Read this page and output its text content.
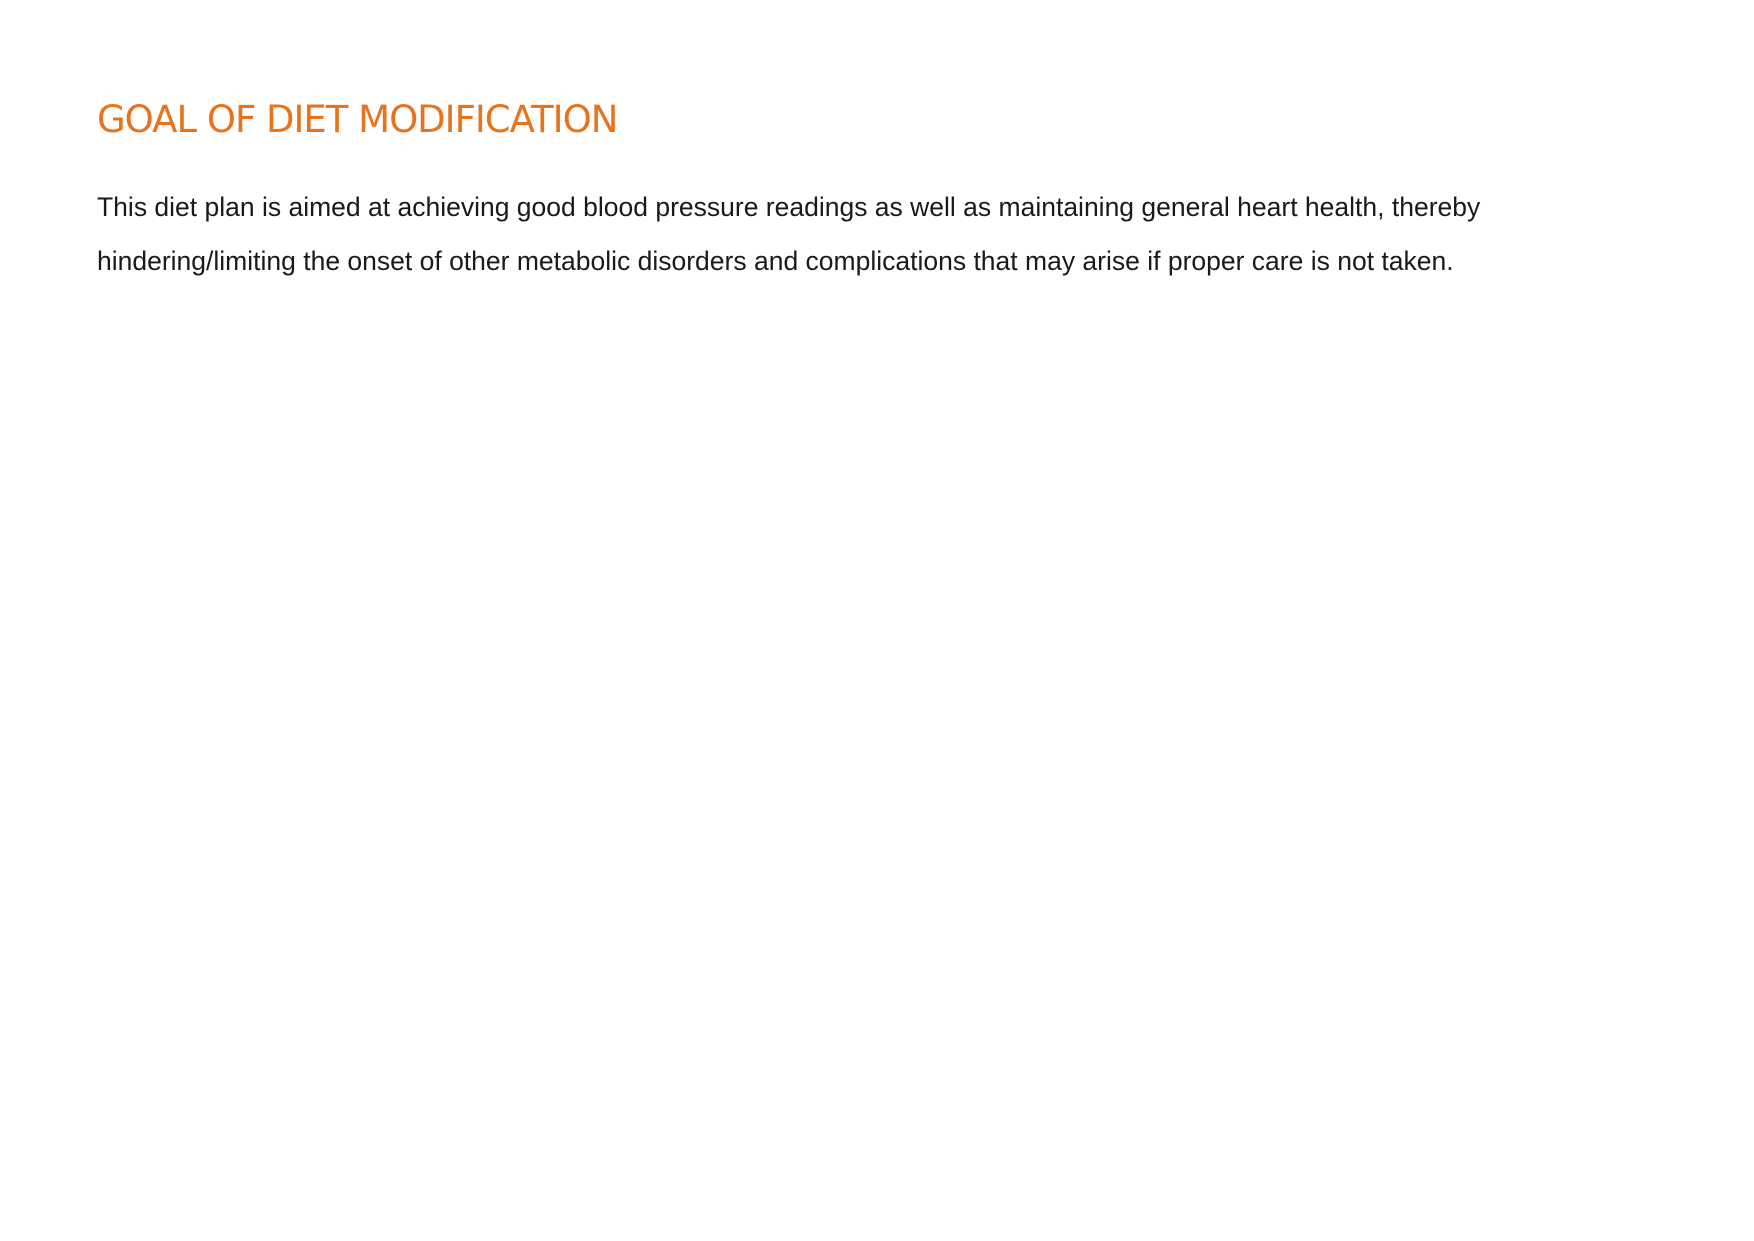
GOAL OF DIET MODIFICATION

This diet plan is aimed at achieving good blood pressure readings as well as maintaining general heart health, thereby
hindering/limiting the onset of other metabolic disorders and complications that may arise if proper care is not taken.
